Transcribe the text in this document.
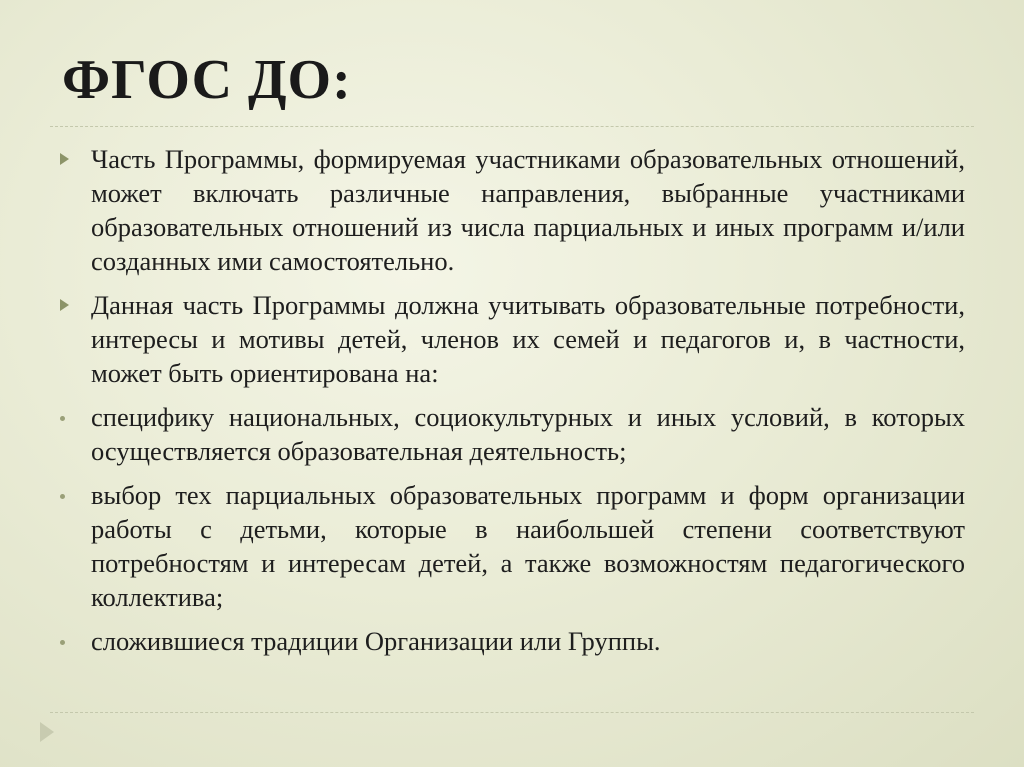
ФГОС ДО:
Часть Программы, формируемая участниками образовательных отношений, может включать различные направления, выбранные участниками образовательных отношений из числа парциальных и иных программ и/или созданных ими самостоятельно.
Данная часть Программы должна учитывать образовательные потребности, интересы и мотивы детей, членов их семей и педагогов и, в частности, может быть ориентирована на:
специфику национальных, социокультурных и иных условий, в которых осуществляется образовательная деятельность;
выбор тех парциальных образовательных программ и форм организации работы с детьми, которые в наибольшей степени соответствуют потребностям и интересам детей, а также возможностям педагогического коллектива;
сложившиеся традиции Организации или Группы.
